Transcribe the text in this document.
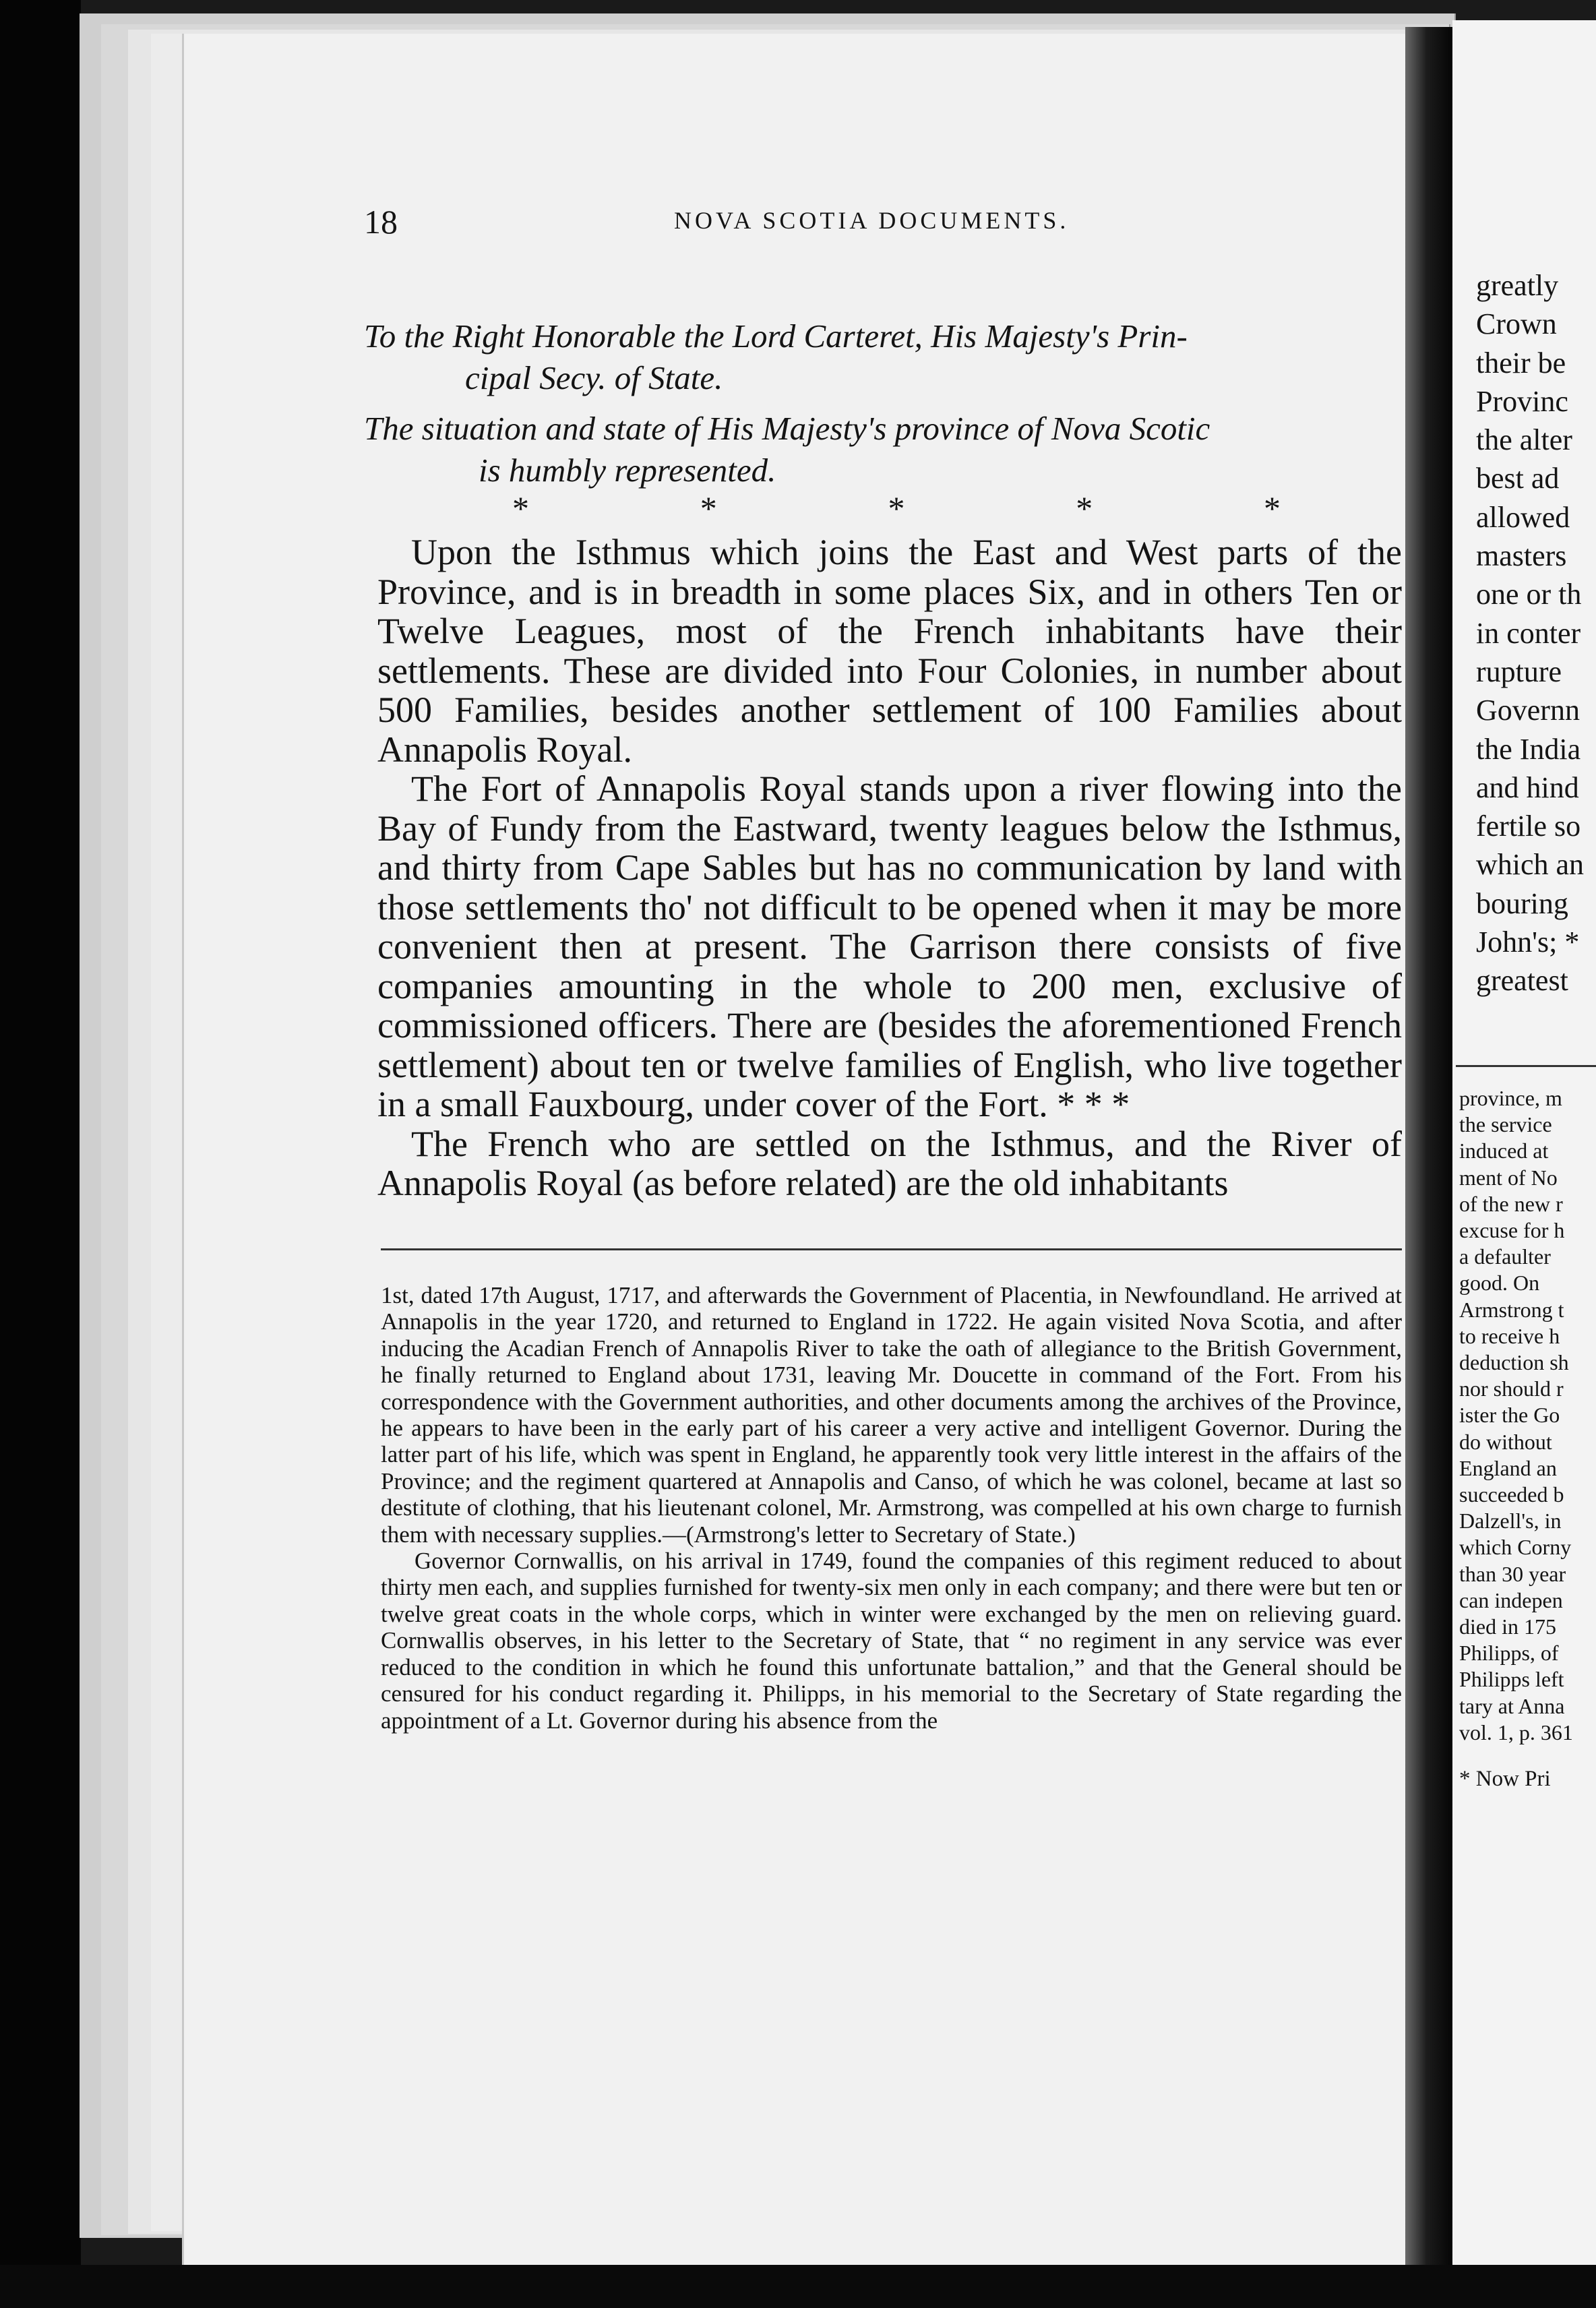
18	NOVA SCOTIA DOCUMENTS.
To the Right Honorable the Lord Carteret, His Majesty's Prin-
cipal Secy. of State.
The situation and state of His Majesty's province of Nova Scotic
is humbly represented.
*	*	*	*	*

Upon the Isthmus which joins the East and West parts of the Province, and is in breadth in some places Six, and in others Ten or Twelve Leagues, most of the French inhabitants have their settlements. These are divided into Four Colonies, in number about 500 Families, besides another settlement of 100 Families about Annapolis Royal.

The Fort of Annapolis Royal stands upon a river flowing into the Bay of Fundy from the Eastward, twenty leagues below the Isthmus, and thirty from Cape Sables but has no communication by land with those settlements tho' not difficult to be opened when it may be more convenient then at present. The Garrison there consists of five companies amounting in the whole to 200 men, exclusive of commissioned officers. There are (besides the aforementioned French settlement) about ten or twelve families of English, who live together in a small Fauxbourg, under cover of the Fort. * * *

The French who are settled on the Isthmus, and the River of Annapolis Royal (as before related) are the old inhabitants

1st, dated 17th August, 1717, and afterwards the Government of Placentia, in Newfoundland. He arrived at Annapolis in the year 1720, and returned to England in 1722. He again visited Nova Scotia, and after inducing the Acadian French of Annapolis River to take the oath of allegiance to the British Government, he finally returned to England about 1731, leaving Mr. Doucette in command of the Fort. From his correspondence with the Government authorities, and other documents among the archives of the Province, he appears to have been in the early part of his career a very active and intelligent Governor. During the latter part of his life, which was spent in England, he apparently took very little interest in the affairs of the Province; and the regiment quartered at Annapolis and Canso, of which he was colonel, became at last so destitute of clothing, that his lieutenant colonel, Mr. Armstrong, was compelled at his own charge to furnish them with necessary supplies.—(Armstrong's letter to Secretary of State.)

Governor Cornwallis, on his arrival in 1749, found the companies of this regiment reduced to about thirty men each, and supplies furnished for twenty-six men only in each company; and there were but ten or twelve great coats in the whole corps, which in winter were exchanged by the men on relieving guard. Cornwallis observes, in his letter to the Secretary of State, that “ no regiment in any service was ever reduced to the condition in which he found this unfortunate battalion,” and that the General should be censured for his conduct regarding it. Philipps, in his memorial to the Secretary of State regarding the appointment of a Lt. Governor during his absence from the

greatly
Crown
their be
Provinc
the alter
best ad
allowed
masters
one or th
in conter
rupture
Governn
the India
and hind
fertile so
which an
bouring
John's; *
greatest
province, m
the service
induced at
ment of No
of the new r
excuse for h
a defaulter
good. On
Armstrong t
to receive h
deduction sh
nor should r
ister the Go
do without
England an
succeeded b
Dalzell's, in
which Corny
than 30 year
can indepen
died in 175
Philipps, of
Philipps left
tary at Anna
vol. 1, p. 361
* Now Pri
